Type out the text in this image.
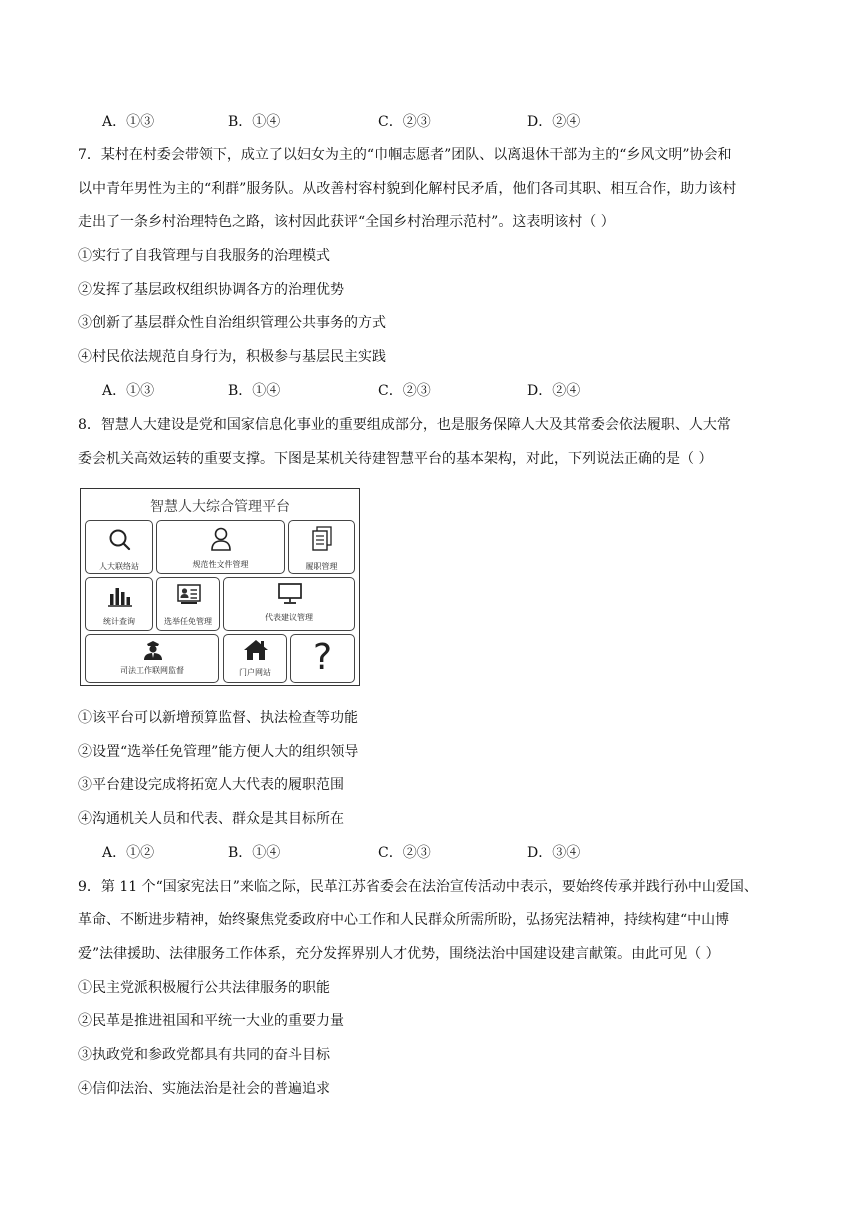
A．①③	B．①④	C．②③	D．②④
7．某村在村委会带领下，成立了以妇女为主的“巾帼志愿者”团队、以离退休干部为主的“乡风文明”协会和
以中青年男性为主的“利群”服务队。从改善村容村貌到化解村民矛盾，他们各司其职、相互合作，助力该村
走出了一条乡村治理特色之路，该村因此获评“全国乡村治理示范村”。这表明该村（ ）
①实行了自我管理与自我服务的治理模式
②发挥了基层政权组织协调各方的治理优势
③创新了基层群众性自治组织管理公共事务的方式
④村民依法规范自身行为，积极参与基层民主实践
A．①③	B．①④	C．②③	D．②④
8．智慧人大建设是党和国家信息化事业的重要组成部分，也是服务保障人大及其常委会依法履职、人大常
委会机关高效运转的重要支撑。下图是某机关待建智慧平台的基本架构，对此，下列说法正确的是（ ）
智慧人大综合管理平台
人大联络站	规范性文件管理	履职管理
统计查询	选举任免管理	代表建议管理
司法工作联网监督	门户网站	?
①该平台可以新增预算监督、执法检查等功能
②设置“选举任免管理”能方便人大的组织领导
③平台建设完成将拓宽人大代表的履职范围
④沟通机关人员和代表、群众是其目标所在
A．①②	B．①④	C．②③	D．③④
9．第 11 个“国家宪法日”来临之际，民革江苏省委会在法治宣传活动中表示，要始终传承并践行孙中山爱国、
革命、不断进步精神，始终聚焦党委政府中心工作和人民群众所需所盼，弘扬宪法精神，持续构建“中山博
爱”法律援助、法律服务工作体系，充分发挥界别人才优势，围绕法治中国建设建言献策。由此可见（ ）
①民主党派积极履行公共法律服务的职能
②民革是推进祖国和平统一大业的重要力量
③执政党和参政党都具有共同的奋斗目标
④信仰法治、实施法治是社会的普遍追求
